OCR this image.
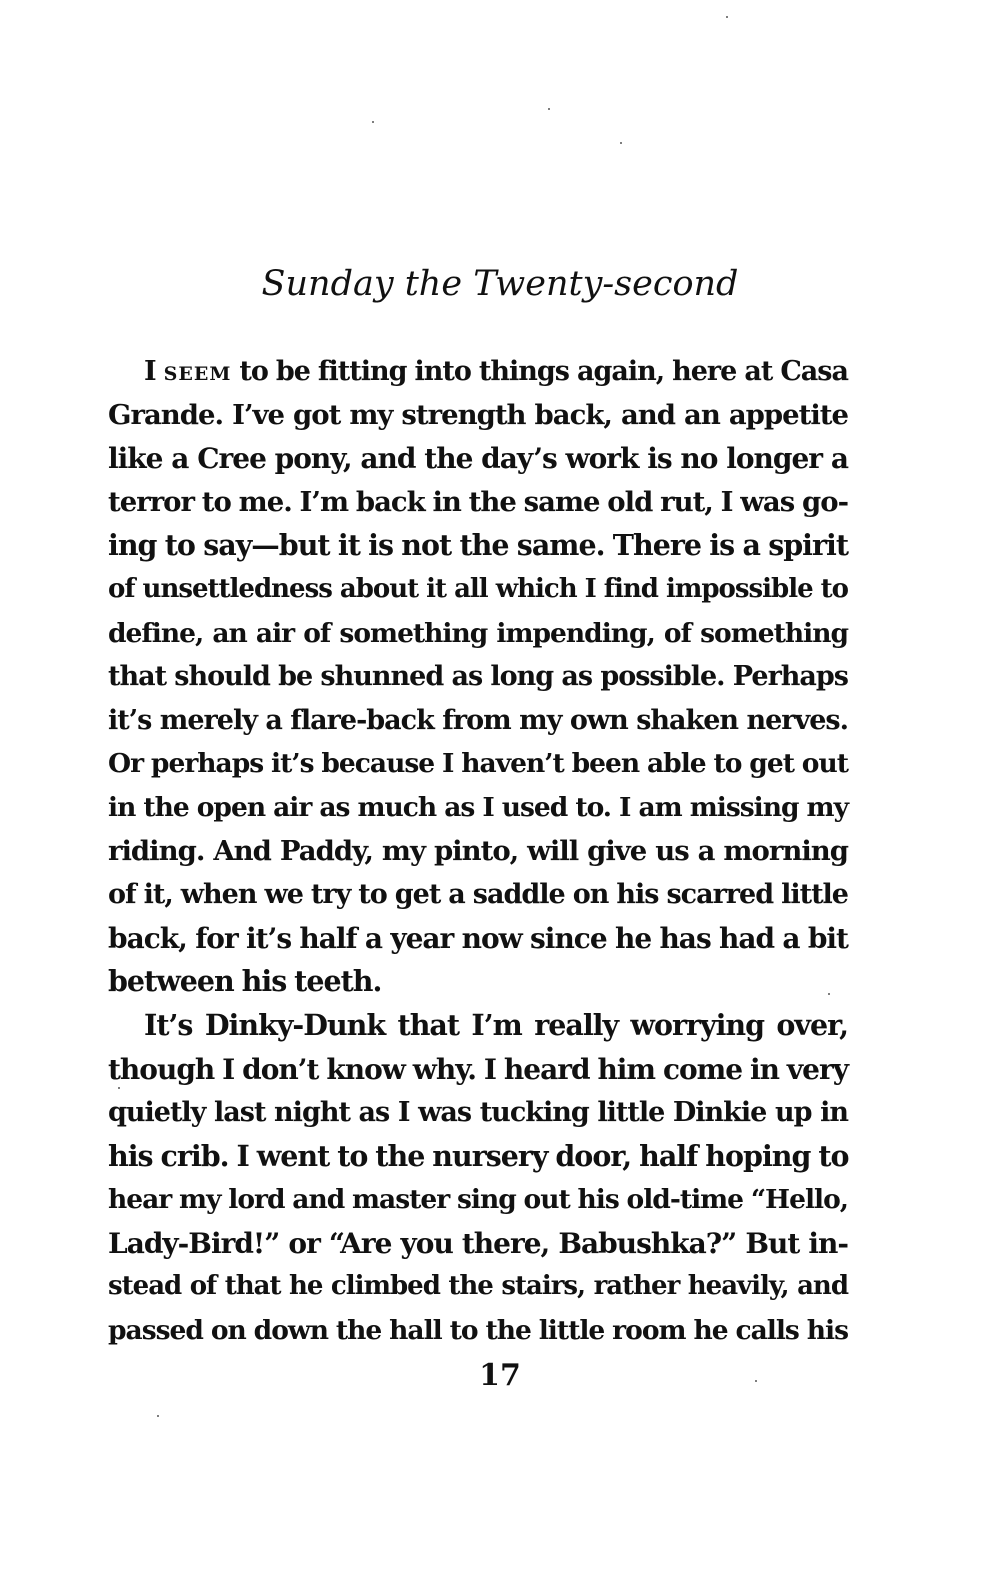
Sunday the Twenty-second
I seem to be fitting into things again, here at Casa
Grande. I’ve got my strength back, and an appetite
like a Cree pony, and the day’s work is no longer a
terror to me. I’m back in the same old rut, I was go-
ing to say—but it is not the same. There is a spirit
of unsettledness about it all which I find impossible to
define, an air of something impending, of something
that should be shunned as long as possible. Perhaps
it’s merely a flare-back from my own shaken nerves.
Or perhaps it’s because I haven’t been able to get out
in the open air as much as I used to. I am missing my
riding. And Paddy, my pinto, will give us a morning
of it, when we try to get a saddle on his scarred little
back, for it’s half a year now since he has had a bit
between his teeth.
It’s Dinky-Dunk that I’m really worrying over,
though I don’t know why. I heard him come in very
quietly last night as I was tucking little Dinkie up in
his crib. I went to the nursery door, half hoping to
hear my lord and master sing out his old-time “Hello,
Lady-Bird!” or “Are you there, Babushka?” But in-
stead of that he climbed the stairs, rather heavily, and
passed on down the hall to the little room he calls his
17
